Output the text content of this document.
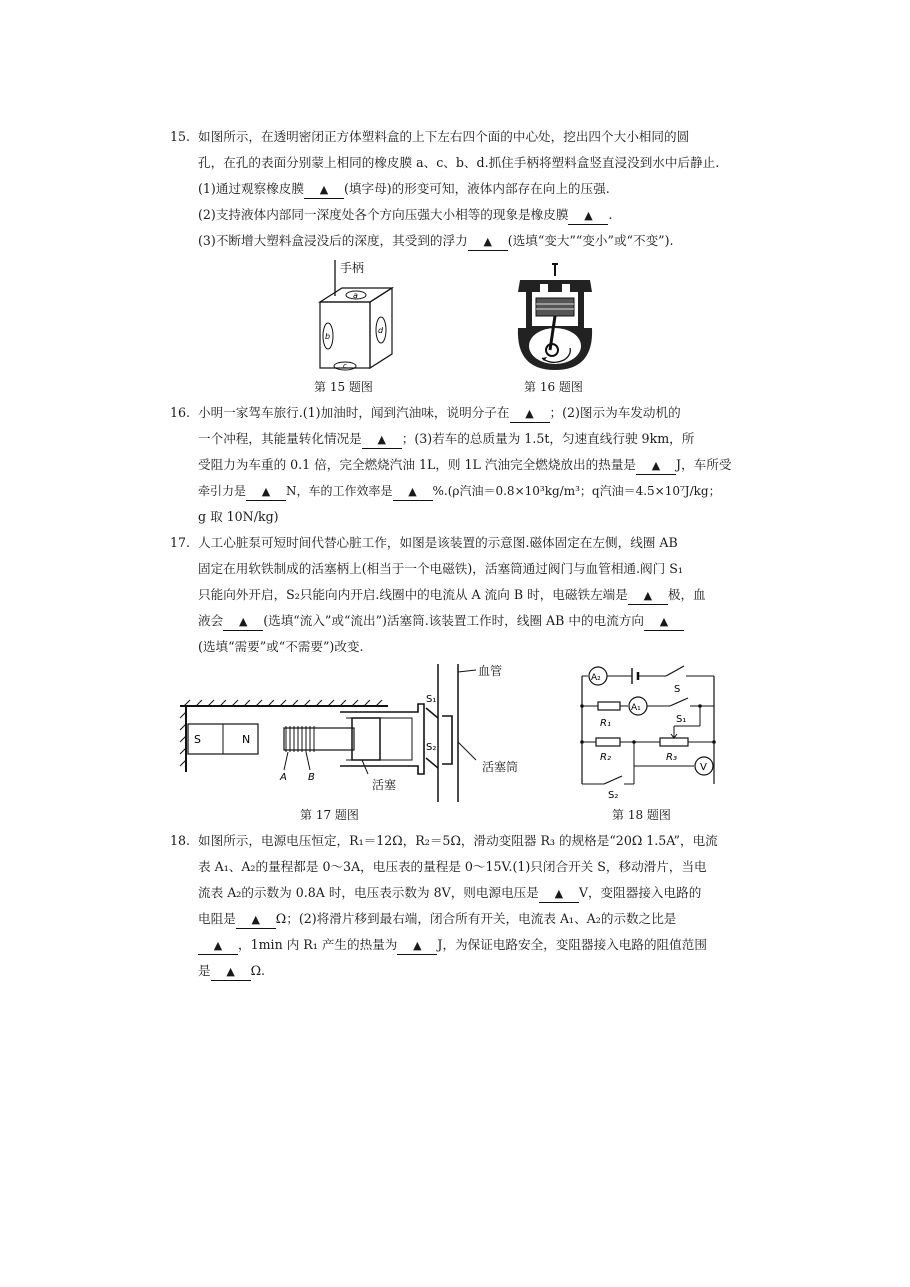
15. 如图所示，在透明密闭正方体塑料盒的上下左右四个面的中心处，挖出四个大小相同的圆

孔，在孔的表面分别蒙上相同的橡皮膜 a、c、b、d.抓住手柄将塑料盒竖直浸没到水中后静止.

(1)通过观察橡皮膜 ▲ (填字母)的形变可知，液体内部存在向上的压强.

(2)支持液体内部同一深度处各个方向压强大小相等的现象是橡皮膜 ▲ .

(3)不断增大塑料盒浸没后的深度，其受到的浮力 ▲ (选填“变大”“变小”或“不变”).

a
b
d
c
手柄
第 15 题图	第 16 题图
16. 小明一家驾车旅行.(1)加油时，闻到汽油味，说明分子在 ▲ ；(2)图示为车发动机的

一个冲程，其能量转化情况是 ▲ ；(3)若车的总质量为 1.5t，匀速直线行驶 9km，所

受阻力为车重的 0.1 倍，完全燃烧汽油 1L，则 1L 汽油完全燃烧放出的热量是 ▲ J，车所受

牵引力是 ▲ N，车的工作效率是 ▲ %.(ρ汽油＝0.8×10³kg/m³；q汽油＝4.5×10⁷J/kg；

g 取 10N/kg)

17. 人工心脏泵可短时间代替心脏工作，如图是该装置的示意图.磁体固定在左侧，线圈 AB

固定在用软铁制成的活塞柄上(相当于一个电磁铁)，活塞筒通过阀门与血管相通.阀门 S₁

只能向外开启，S₂只能向内开启.线圈中的电流从 A 流向 B 时，电磁铁左端是 ▲ 极，血

液会 ▲ (选填“流入”或“流出”)活塞筒.该装置工作时，线圈 AB 中的电流方向 ▲

(选填“需要”或“不需要”)改变.

S	N
A B
S₁
S₂
血管
活塞
活塞筒
第 17 题图
A₂
A₁
V
S
S₁
S₂
R₁
R₂	R₃
第 18 题图
18. 如图所示，电源电压恒定，R₁＝12Ω，R₂＝5Ω，滑动变阻器 R₃ 的规格是“20Ω 1.5A”，电流

表 A₁、A₂的量程都是 0～3A，电压表的量程是 0～15V.(1)只闭合开关 S，移动滑片，当电

流表 A₂的示数为 0.8A 时，电压表示数为 8V，则电源电压是 ▲ V，变阻器接入电路的

电阻是 ▲ Ω；(2)将滑片移到最右端，闭合所有开关，电流表 A₁、A₂的示数之比是

▲ ，1min 内 R₁ 产生的热量为 ▲ J，为保证电路安全，变阻器接入电路的阻值范围

是 ▲ Ω.
